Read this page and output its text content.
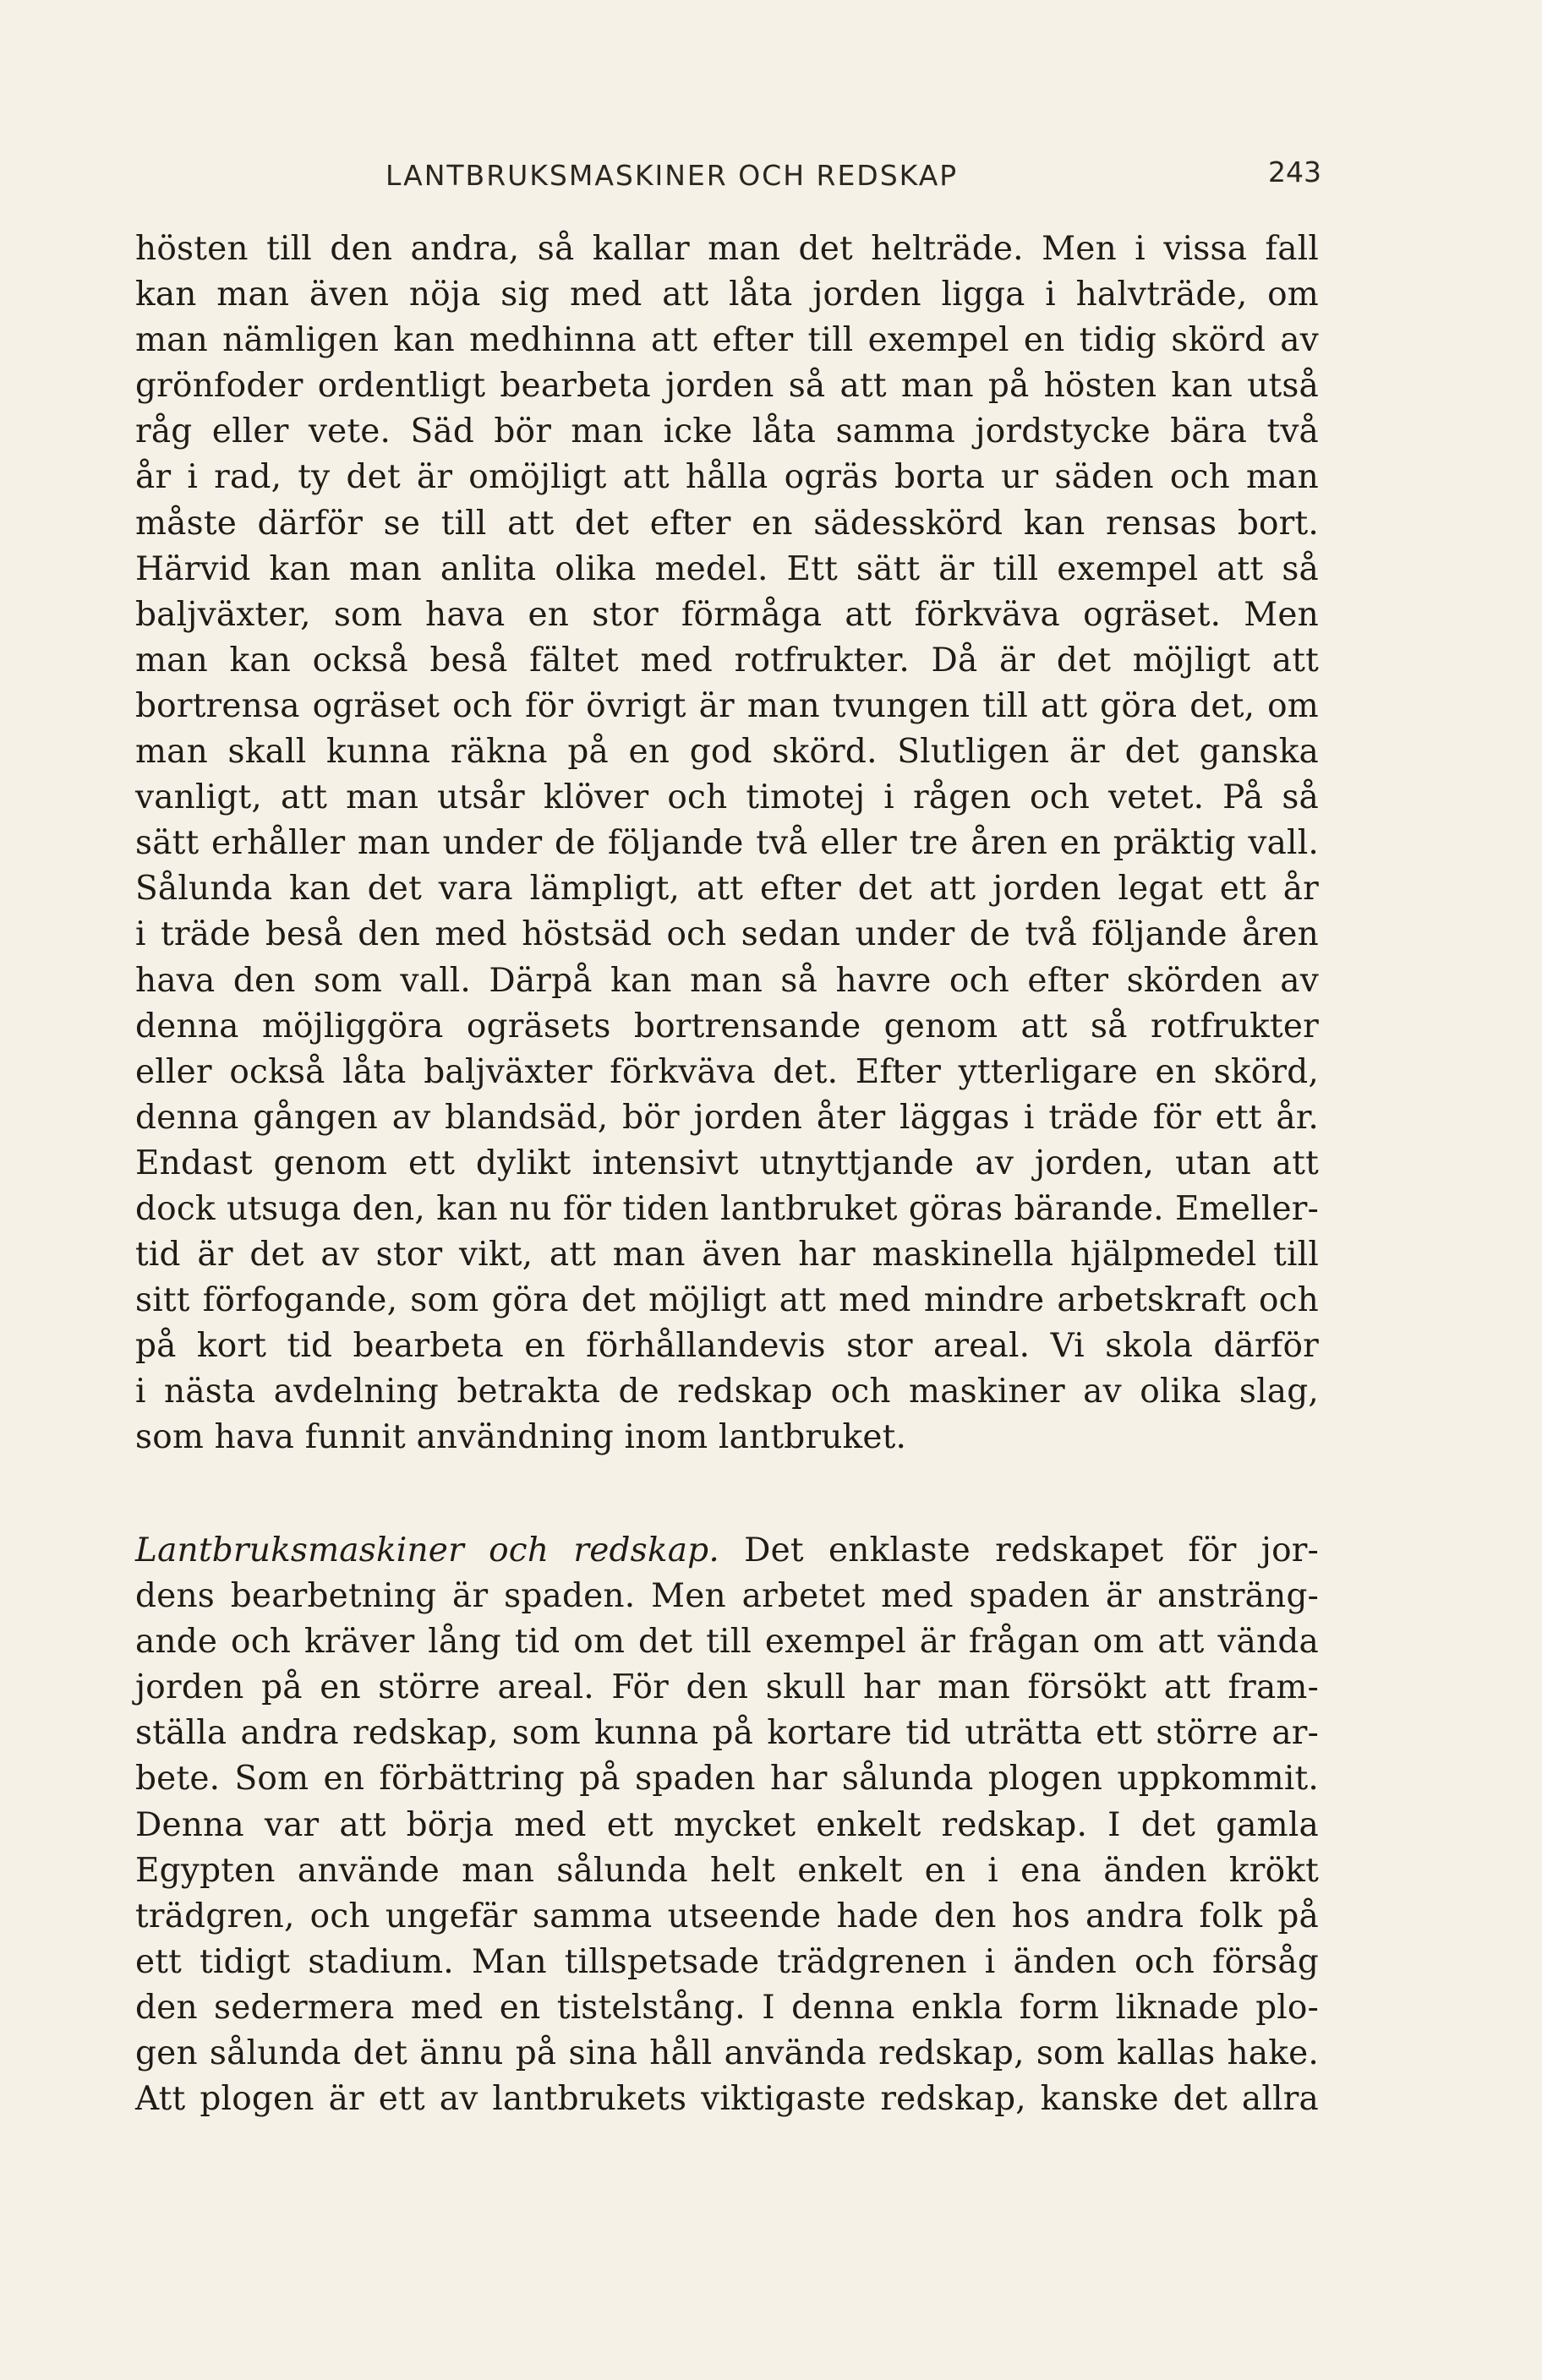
LANTBRUKSMASKINER OCH REDSKAP	243
hösten till den andra, så kallar man det helträde. Men i vissa fall
kan man även nöja sig med att låta jorden ligga i halvträde, om
man nämligen kan medhinna att efter till exempel en tidig skörd av
grönfoder ordentligt bearbeta jorden så att man på hösten kan utså
råg eller vete. Säd bör man icke låta samma jordstycke bära två
år i rad, ty det är omöjligt att hålla ogräs borta ur säden och man
måste därför se till att det efter en sädesskörd kan rensas bort.
Härvid kan man anlita olika medel. Ett sätt är till exempel att så
baljväxter, som hava en stor förmåga att förkväva ogräset. Men
man kan också beså fältet med rotfrukter. Då är det möjligt att
bortrensa ogräset och för övrigt är man tvungen till att göra det, om
man skall kunna räkna på en god skörd. Slutligen är det ganska
vanligt, att man utsår klöver och timotej i rågen och vetet. På så
sätt erhåller man under de följande två eller tre åren en präktig vall.
Sålunda kan det vara lämpligt, att efter det att jorden legat ett år
i träde beså den med höstsäd och sedan under de två följande åren
hava den som vall. Därpå kan man så havre och efter skörden av
denna möjliggöra ogräsets bortrensande genom att så rotfrukter
eller också låta baljväxter förkväva det. Efter ytterligare en skörd,
denna gången av blandsäd, bör jorden åter läggas i träde för ett år.
Endast genom ett dylikt intensivt utnyttjande av jorden, utan att
dock utsuga den, kan nu för tiden lantbruket göras bärande. Emeller-
tid är det av stor vikt, att man även har maskinella hjälpmedel till
sitt förfogande, som göra det möjligt att med mindre arbetskraft och
på kort tid bearbeta en förhållandevis stor areal. Vi skola därför
i nästa avdelning betrakta de redskap och maskiner av olika slag,
som hava funnit användning inom lantbruket.
Lantbruksmaskiner och redskap. Det enklaste redskapet för jor-
dens bearbetning är spaden. Men arbetet med spaden är ansträng-
ande och kräver lång tid om det till exempel är frågan om att vända
jorden på en större areal. För den skull har man försökt att fram-
ställa andra redskap, som kunna på kortare tid uträtta ett större ar-
bete. Som en förbättring på spaden har sålunda plogen uppkommit.
Denna var att börja med ett mycket enkelt redskap. I det gamla
Egypten använde man sålunda helt enkelt en i ena änden krökt
trädgren, och ungefär samma utseende hade den hos andra folk på
ett tidigt stadium. Man tillspetsade trädgrenen i änden och försåg
den sedermera med en tistelstång. I denna enkla form liknade plo-
gen sålunda det ännu på sina håll använda redskap, som kallas hake.
Att plogen är ett av lantbrukets viktigaste redskap, kanske det allra
